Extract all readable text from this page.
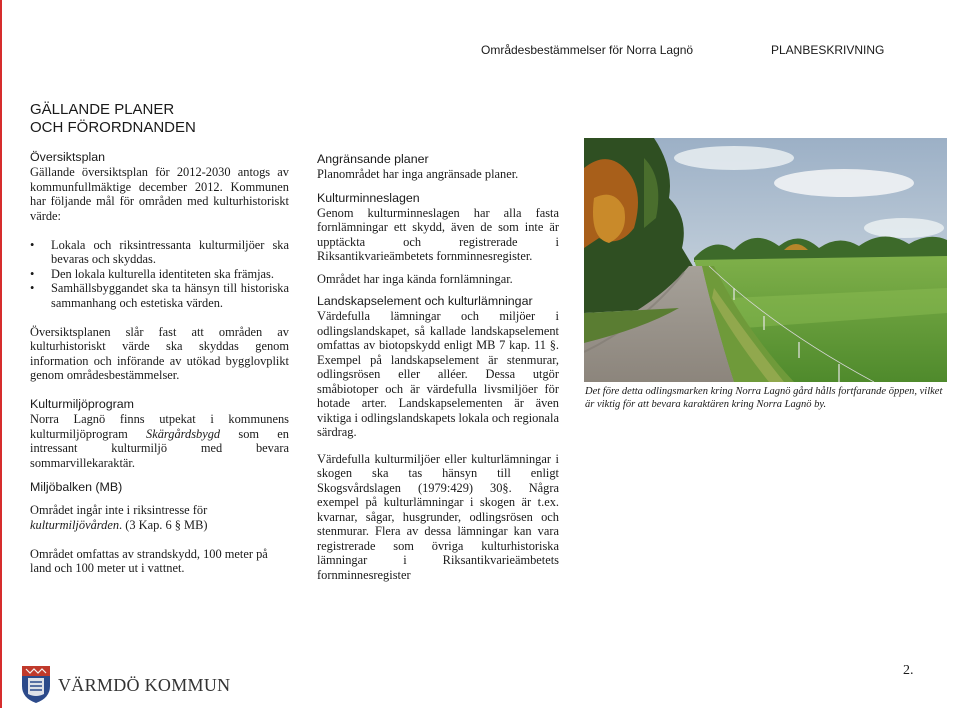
Områdesbestämmelser för Norra Lagnö	PLANBESKRIVNING
GÄLLANDE PLANER
OCH FÖRORDNANDEN
Översiktsplan

Gällande översiktsplan för 2012-2030 antogs av kommunfullmäktige december 2012. Kommunen har följande mål för områden med kulturhistoriskt värde:

• Lokala och riksintressanta kulturmiljöer ska bevaras och skyddas.
• Den lokala kulturella identiteten ska främjas.
• Samhällsbyggandet ska ta hänsyn till historiska sammanhang och estetiska värden.

Översiktsplanen slår fast att områden av kulturhistoriskt värde ska skyddas genom information och införande av utökad bygglovplikt genom områdesbestämmelser.

Kulturmiljöprogram

Norra Lagnö finns utpekat i kommunens kulturmiljöprogram Skärgårdsbygd som en intressant kulturmiljö med bevara sommarvillekaraktär.

Miljöbalken (MB)

Området ingår inte i riksintresse för kulturmiljövården. (3 Kap. 6 § MB)

Området omfattas av strandskydd, 100 meter på land och 100 meter ut i vattnet.

Angränsande planer

Planområdet har inga angränsade planer.

Kulturminneslagen

Genom kulturminneslagen har alla fasta fornlämningar ett skydd, även de som inte är upptäckta och registrerade i Riksantikvarieämbetets fornminnesregister.

Området har inga kända fornlämningar.

Landskapselement och kulturlämningar

Värdefulla lämningar och miljöer i odlingslandskapet, så kallade landskapselement omfattas av biotopskydd enligt MB 7 kap. 11 §. Exempel på landskapselement är stenmurar, odlingsrösen eller alléer. Dessa utgör småbiotoper och är värdefulla livsmiljöer för hotade arter. Landskapselementen är även viktiga i odlingslandskapets lokala och regionala särdrag.

Värdefulla kulturmiljöer eller kulturlämningar i skogen ska tas hänsyn till enligt Skogsvårdslagen (1979:429) 30§. Några exempel på kulturlämningar i skogen är t.ex. kvarnar, sågar, husgrunder, odlingsrösen och stenmurar. Flera av dessa lämningar kan vara registrerade som övriga kulturhistoriska lämningar i Riksantikvarieämbetets fornminnesregister

Det före detta odlingsmarken kring Norra Lagnö gård hålls fortfarande öppen, vilket är viktig för att bevara karaktären kring Norra Lagnö by.
VÄRMDÖ KOMMUN
2.
